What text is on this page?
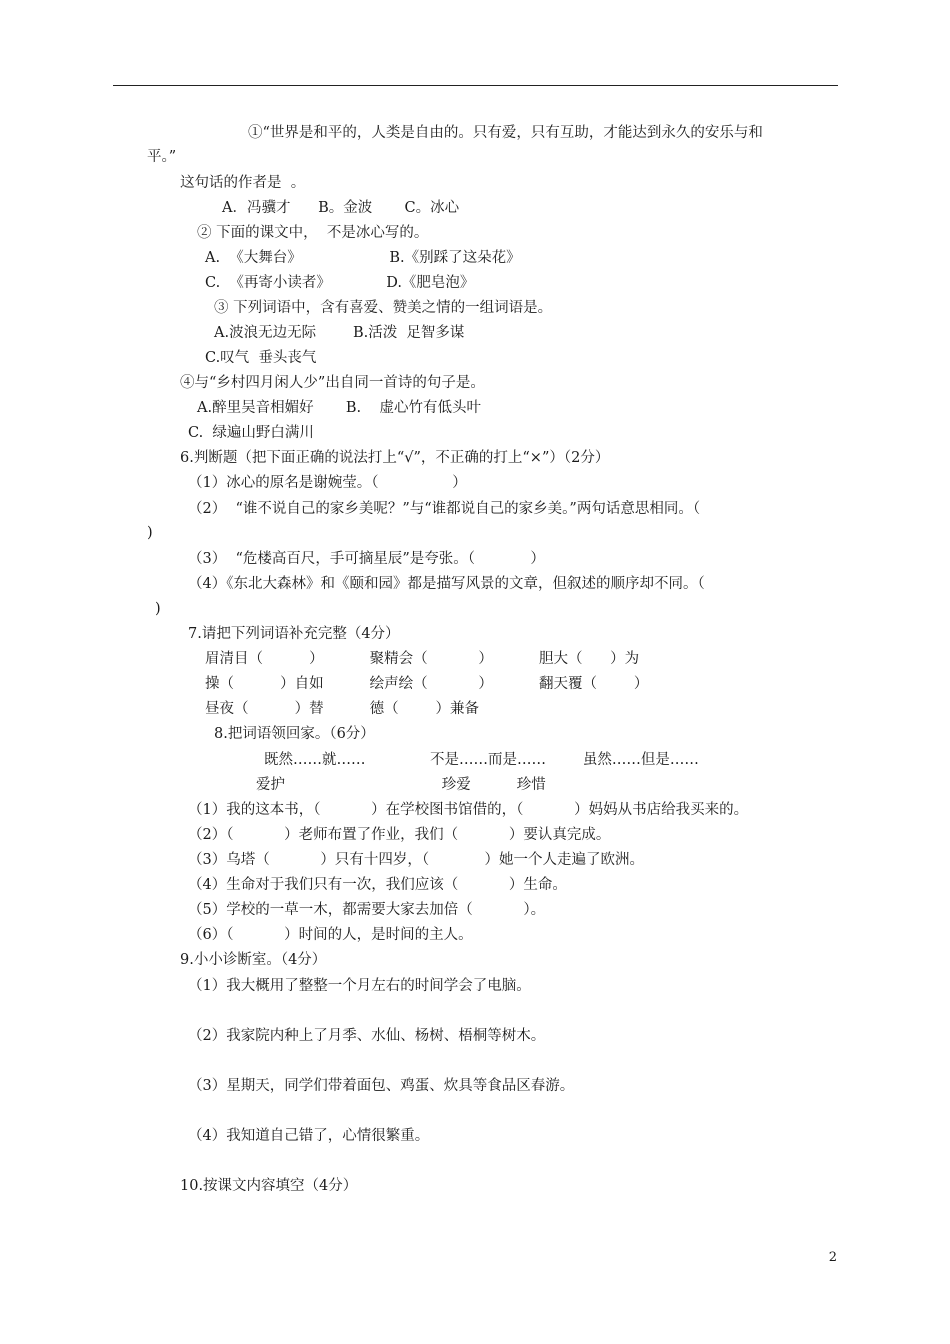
①“世界是和平的，人类是自由的。只有爱，只有互助，才能达到永久的安乐与和
平。”
这句话的作者是  。
A．冯骥才      B。金波       C。冰心
② 下面的课文中，  不是冰心写的。
A.  《大舞台》                   B.《别踩了这朵花》
C.  《再寄小读者》            D.《肥皂泡》
③ 下列词语中，含有喜爱、赞美之情的一组词语是。
A.波浪无边无际        B.活泼  足智多谋
C.叹气  垂头丧气
④与“乡村四月闲人少”出自同一首诗的句子是。
A.醉里吴音相媚好       B.    虚心竹有低头叶
C.  绿遍山野白满川
6.判断题（把下面正确的说法打上“√”，不正确的打上“×”）（2分）
（1）冰心的原名是谢婉莹。（                ）
（2）  “谁不说自己的家乡美呢？”与“谁都说自己的家乡美。”两句话意思相同。（
)
（3）  “危楼高百尺，手可摘星辰”是夸张。（            ）
（4）《东北大森林》和《颐和园》都是描写风景的文章，但叙述的顺序却不同。（
)
7.请把下列词语补充完整（4分）
眉清目（          ）          聚精会（           ）          胆大（      ）为
操（          ）自如          绘声绘（           ）          翻天覆（        ）
昼夜（          ）替          德（        ）兼备
8.把词语领回家。（6分）
既然……就……              不是……而是……        虽然……但是……
爱护                                  珍爱          珍惜
（1）我的这本书，（           ）在学校图书馆借的，（           ）妈妈从书店给我买来的。
（2）（           ）老师布置了作业，我们（           ）要认真完成。
（3）乌塔（           ）只有十四岁，（            ）她一个人走遍了欧洲。
（4）生命对于我们只有一次，我们应该（           ）生命。
（5）学校的一草一木，都需要大家去加倍（           ）。
（6）（           ）时间的人，是时间的主人。
9.小小诊断室。（4分）
（1）我大概用了整整一个月左右的时间学会了电脑。
（2）我家院内种上了月季、水仙、杨树、梧桐等树木。
（3）星期天，同学们带着面包、鸡蛋、炊具等食品区春游。
（4）我知道自己错了，心情很繁重。
10.按课文内容填空（4分）
2
